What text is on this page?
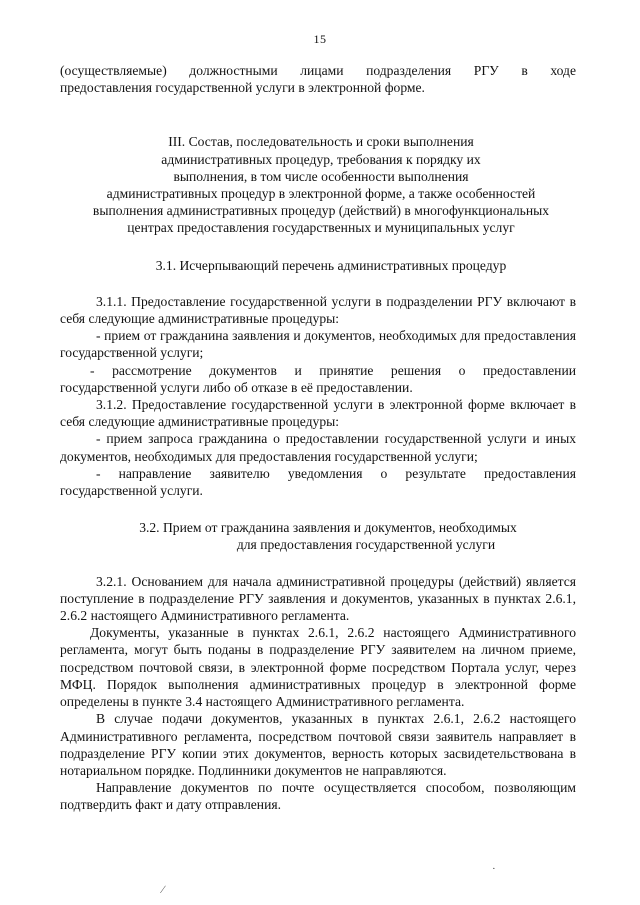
15

(осуществляемые) должностными лицами подразделения РГУ в ходе

предоставления государственной услуги в электронной форме.

III. Состав, последовательность и сроки выполнения

административных процедур, требования к порядку их

выполнения, в том числе особенности выполнения

административных процедур в электронной форме, а также особенностей

выполнения административных процедур (действий) в многофункциональных

центрах предоставления государственных и муниципальных услуг

3.1. Исчерпывающий перечень административных процедур

3.1.1. Предоставление государственной услуги в подразделении РГУ включают в себя следующие административные процедуры:

- прием от гражданина заявления и документов, необходимых для предоставления государственной услуги;

- рассмотрение документов и принятие решения о предоставлении государственной услуги либо об отказе в её предоставлении.

3.1.2. Предоставление государственной услуги в электронной форме включает в себя следующие административные процедуры:

- прием запроса гражданина о предоставлении государственной услуги и иных документов, необходимых для предоставления государственной услуги;

- направление заявителю уведомления о результате предоставления государственной услуги.

3.2. Прием от гражданина заявления и документов, необходимых

для предоставления государственной услуги

3.2.1. Основанием для начала административной процедуры (действий) является поступление в подразделение РГУ заявления и документов, указанных в пунктах 2.6.1, 2.6.2 настоящего Административного регламента.

Документы, указанные в пунктах 2.6.1, 2.6.2 настоящего Административного регламента, могут быть поданы в подразделение РГУ заявителем на личном приеме, посредством почтовой связи, в электронной форме посредством Портала услуг, через МФЦ. Порядок выполнения административных процедур в электронной форме определены в пункте 3.4 настоящего Административного регламента.

В случае подачи документов, указанных в пунктах 2.6.1, 2.6.2 настоящего Административного регламента, посредством почтовой связи заявитель направляет в подразделение РГУ копии этих документов, верность которых засвидетельствована в нотариальном порядке. Подлинники документов не направляются.

Направление документов по почте осуществляется способом, позволяющим подтвердить факт и дату отправления.

∕
·
